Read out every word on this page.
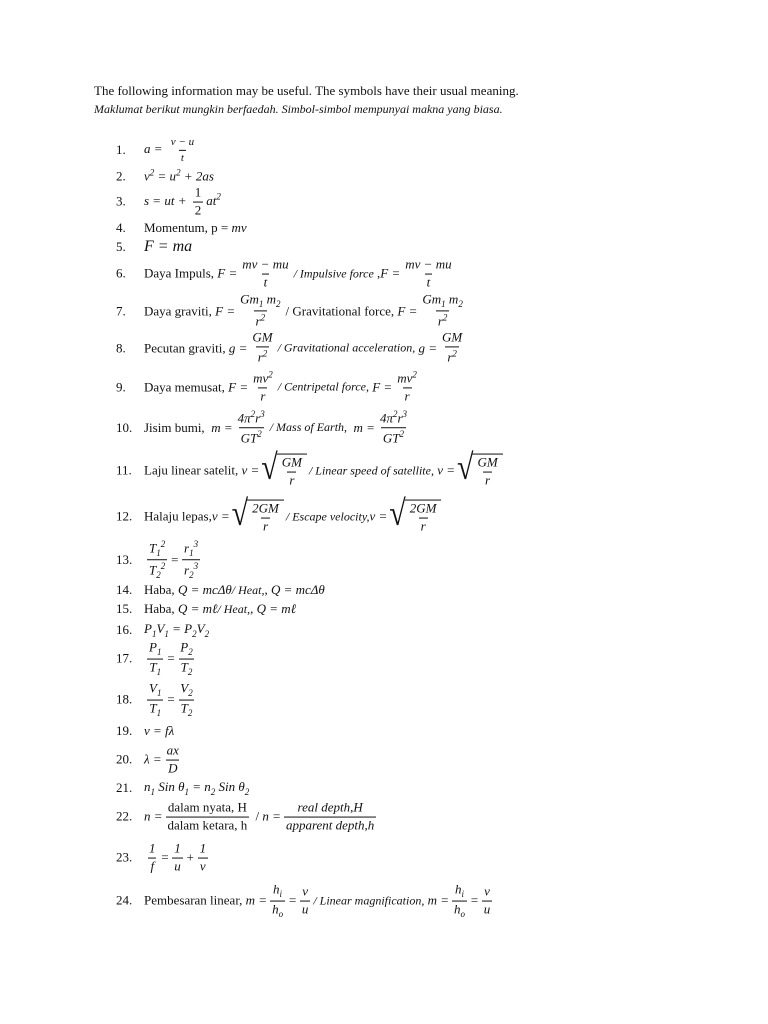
The following information may be useful. The symbols have their usual meaning.
Maklumat berikut mungkin berfaedah. Simbol-simbol mempunyai makna yang biasa.
1.	$a = \frac{v - u}{t}$
2.	$v^2 = u^2 + 2as$
3.	s = ut + $\frac{1}{2} at^2$
4.	Momentum, p =
mv
5.	F = ma
6.	Daya Impuls,
$F = \frac{mv - mu}{t}$ / Impulsive force , $F = \frac{mv - mu}{t}$
7.	Daya graviti,
$F = \frac{Gm_1 m_2}{r^2}$ / Gravitational force,
$F = \frac{Gm_1 m_2}{r^2}$
8.	Pecutan graviti,
$g = \frac{GM}{r^2}$ / Gravitational acceleration,
$g = \frac{GM}{r^2}$
9.	Daya memusat,
$F = \frac{mv^2}{r}$ / Centripetal force,
$F = \frac{mv^2}{r}$
10. Jisim bumi,
$m = \frac{4\pi^2r^3}{GT^2}$ / Mass of Earth,
$m = \frac{4\pi^2r^3}{GT^2}$
11. Laju linear satelit,
v = √ $\frac{GM}{r}$ / Linear speed of satellite,
v = √ $\frac{GM}{r}$
12. Halaju lepas, v = √ $\frac{2GM}{r}$ / Escape velocity, v = √ $\frac{2GM}{r}$
13.	$\frac{T_1^2}{T_2^2} = \frac{r_1^3}{r_2^3}$
14. Haba,
Q = mcΔθ / Heat, , Q = mcΔθ
15. Haba,
Q = mℓ / Heat, , Q = mℓ
16. $P_1V_1 = P_2V_2$
17.	$\frac{P_1}{T_1} = \frac{P_2}{T_2}$
18.	$\frac{V_1}{T_1} = \frac{V_2}{T_2}$
19. v = fλ
20. $\lambda = \frac{ax}{D}$
21. $n_1$ Sin $\theta_1 = n_2$ Sin $\theta_2$
22. $n = \frac{\text{dalam nyata, H}}{\text{dalam ketara, h}} / n = \frac{\text{real depth,H}}{\text{apparent depth,h}}$
23.	$\frac{1}{f} = \frac{1}{u} + \frac{1}{v}$
24. Pembesaran linear,
$m = \frac{h_i}{h_o} = \frac{v}{u}$ / Linear magnification,
$m = \frac{h_i}{h_o} = \frac{v}{u}$
